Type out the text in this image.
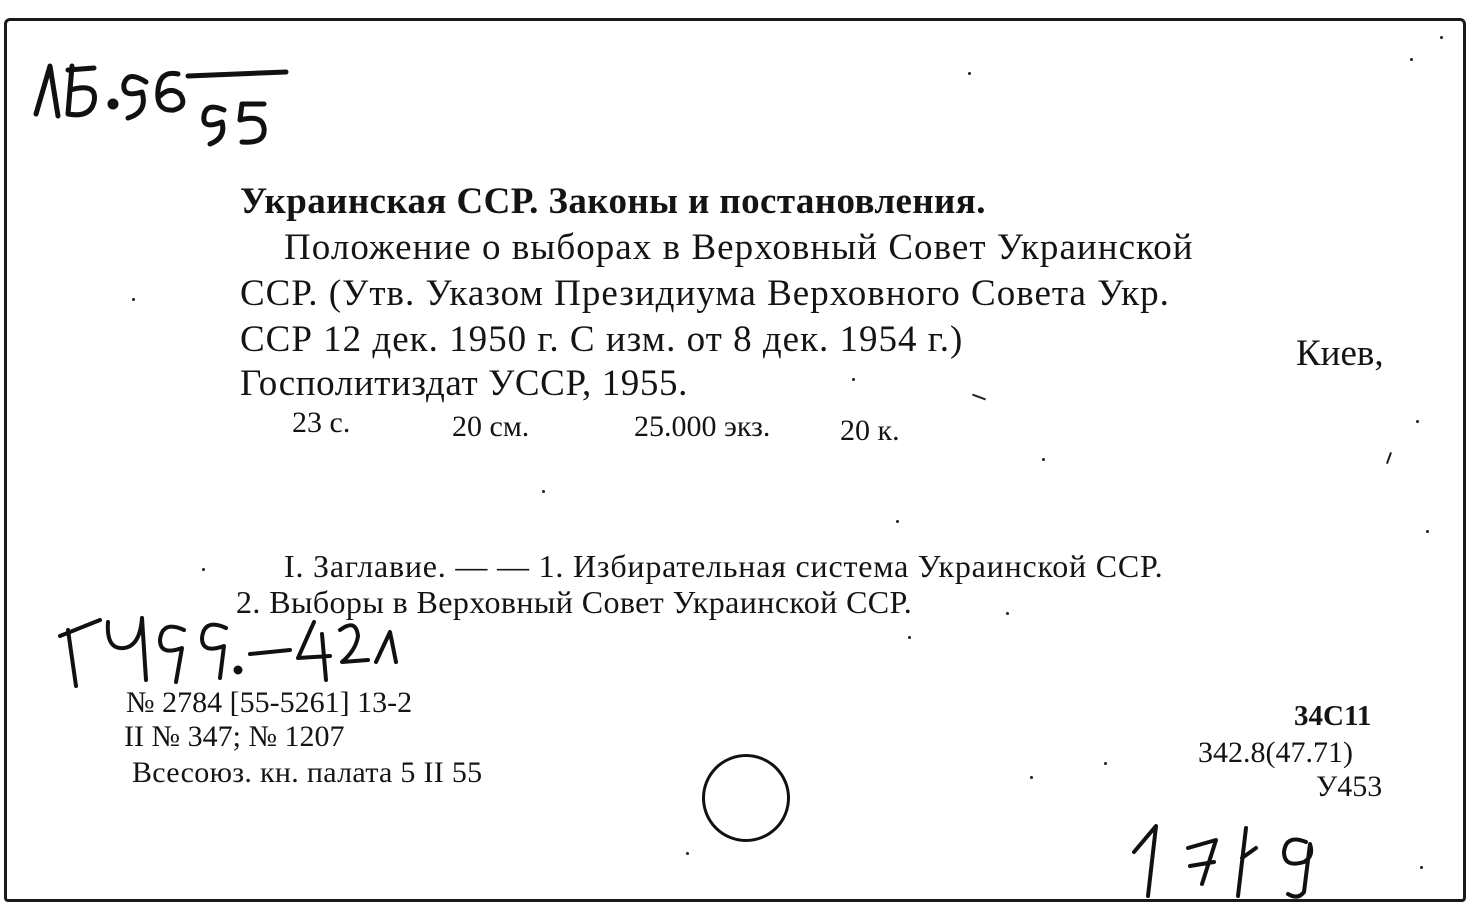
Украинская ССР. Законы и постановления.
Положение о выборах в Верховный Совет Украинской
ССР. (Утв. Указом Президиума Верховного Совета Укр.
ССР 12 дек. 1950 г. С изм. от 8 дек. 1954 г.)	Киев,
Госполитиздат УССР, 1955.
23 с.	20 см.	25.000 экз. 20 к.
I. Заглавие. — — 1. Избирательная система Украинской ССР.
2. Выборы в Верховный Совет Украинской ССР.
№ 2784 [55-5261] 13-2
II № 347; № 1207
Всесоюз. кн. палата 5 II 55
34С11
342.8(47.71)
У453
